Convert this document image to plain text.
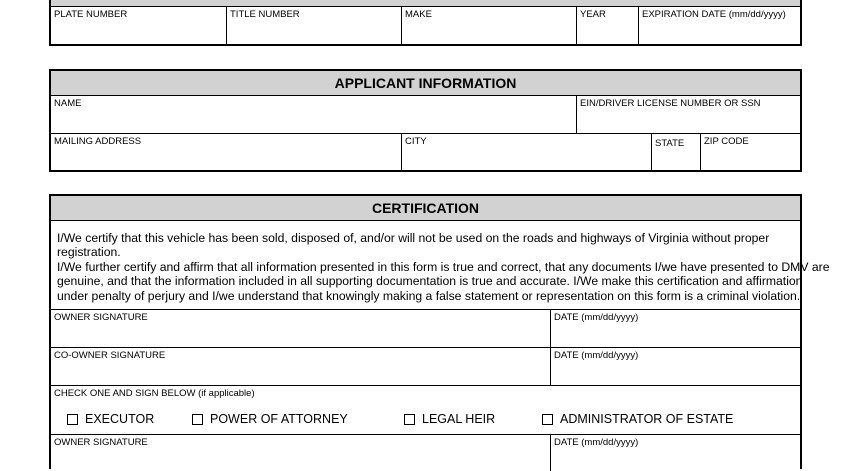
PLATE NUMBER	TITLE NUMBER	MAKE	YEAR	EXPIRATION DATE (mm/dd/yyyy)
APPLICANT INFORMATION
NAME	EIN/DRIVER LICENSE NUMBER OR SSN
MAILING ADDRESS	CITY	STATE ZIP CODE
CERTIFICATION
I/We certify that this vehicle has been sold, disposed of, and/or will not be used on the roads and highways of Virginia without proper
registration.
I/We further certify and affirm that all information presented in this form is true and correct, that any documents I/we have presented to DMV are
genuine, and that the information included in all supporting documentation is true and accurate. I/We make this certification and affirmation
under penalty of perjury and I/we understand that knowingly making a false statement or representation on this form is a criminal violation.
OWNER SIGNATURE	DATE (mm/dd/yyyy)
CO-OWNER SIGNATURE	DATE (mm/dd/yyyy)
CHECK ONE AND SIGN BELOW (if applicable)
OWNER SIGNATURE	DATE (mm/dd/yyyy)
EXECUTOR	POWER OF ATTORNEY	LEGAL HEIR	ADMINISTRATOR OF ESTATE
